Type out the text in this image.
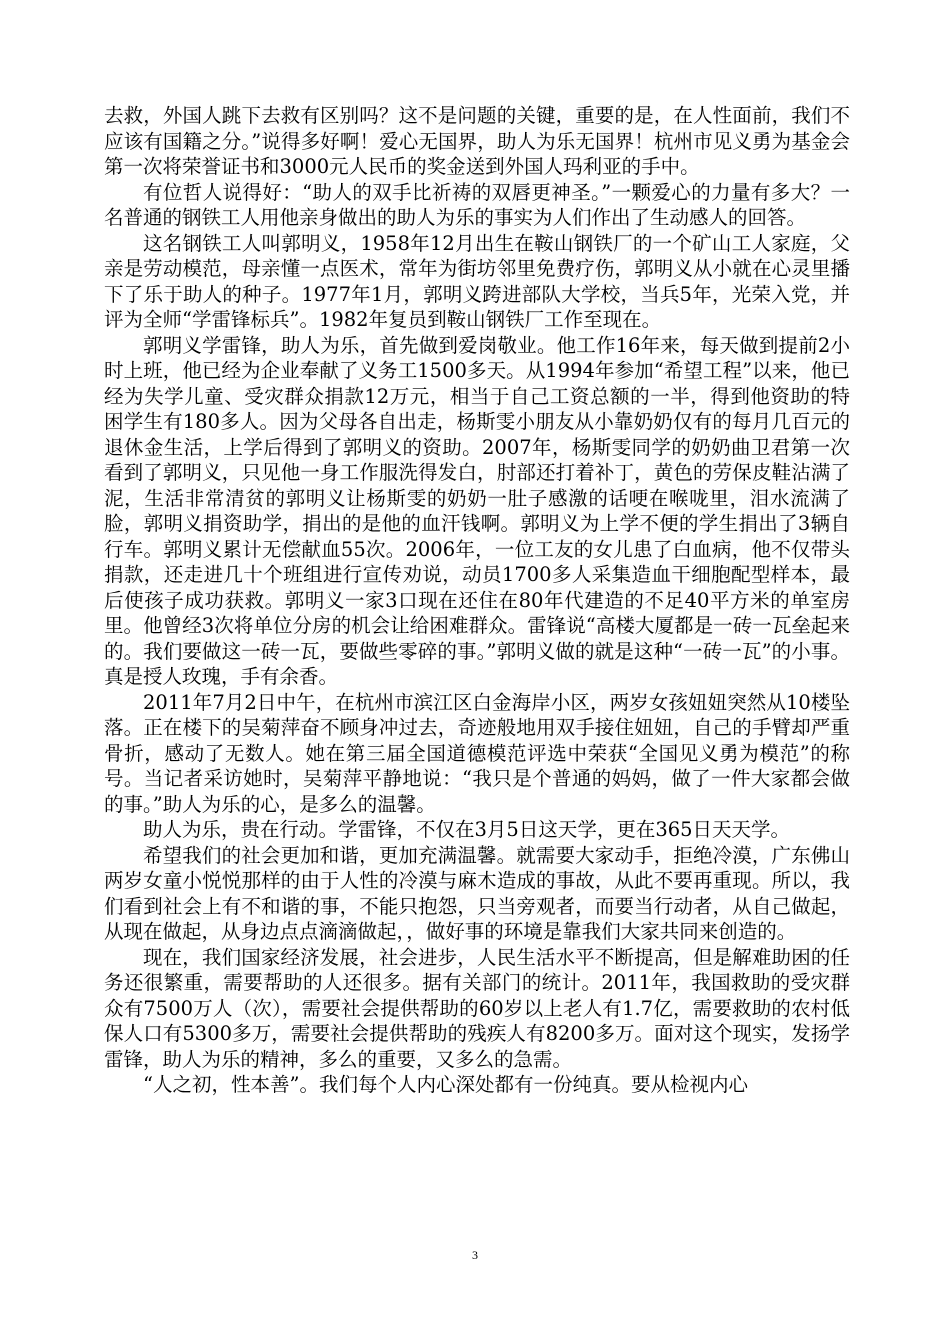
去救，外国人跳下去救有区别吗？这不是问题的关键，重要的是，在人性面前，我们不应该有国籍之分。”说得多好啊！爱心无国界，助人为乐无国界！杭州市见义勇为基金会第一次将荣誉证书和3000元人民币的奖金送到外国人玛利亚的手中。

有位哲人说得好：“助人的双手比祈祷的双唇更神圣。”一颗爱心的力量有多大？一名普通的钢铁工人用他亲身做出的助人为乐的事实为人们作出了生动感人的回答。

这名钢铁工人叫郭明义，1958年12月出生在鞍山钢铁厂的一个矿山工人家庭，父亲是劳动模范，母亲懂一点医术，常年为街坊邻里免费疗伤，郭明义从小就在心灵里播下了乐于助人的种子。1977年1月，郭明义跨进部队大学校，当兵5年，光荣入党，并评为全师“学雷锋标兵”。1982年复员到鞍山钢铁厂工作至现在。

郭明义学雷锋，助人为乐，首先做到爱岗敬业。他工作16年来，每天做到提前2小时上班，他已经为企业奉献了义务工1500多天。从1994年参加“希望工程”以来，他已经为失学儿童、受灾群众捐款12万元，相当于自己工资总额的一半，得到他资助的特困学生有180多人。因为父母各自出走，杨斯雯小朋友从小靠奶奶仅有的每月几百元的退休金生活，上学后得到了郭明义的资助。2007年，杨斯雯同学的奶奶曲卫君第一次看到了郭明义，只见他一身工作服洗得发白，肘部还打着补丁，黄色的劳保皮鞋沾满了泥，生活非常清贫的郭明义让杨斯雯的奶奶一肚子感激的话哽在喉咙里，泪水流满了脸，郭明义捐资助学，捐出的是他的血汗钱啊。郭明义为上学不便的学生捐出了3辆自行车。郭明义累计无偿献血55次。2006年，一位工友的女儿患了白血病，他不仅带头捐款，还走进几十个班组进行宣传劝说，动员1700多人采集造血干细胞配型样本，最后使孩子成功获救。郭明义一家3口现在还住在80年代建造的不足40平方米的单室房里。他曾经3次将单位分房的机会让给困难群众。雷锋说“高楼大厦都是一砖一瓦垒起来的。我们要做这一砖一瓦，要做些零碎的事。”郭明义做的就是这种“一砖一瓦”的小事。真是授人玫瑰，手有余香。

2011年7月2日中午，在杭州市滨江区白金海岸小区，两岁女孩妞妞突然从10楼坠落。正在楼下的吴菊萍奋不顾身冲过去，奇迹般地用双手接住妞妞，自己的手臂却严重骨折，感动了无数人。她在第三届全国道德模范评选中荣获“全国见义勇为模范”的称号。当记者采访她时，吴菊萍平静地说：“我只是个普通的妈妈，做了一件大家都会做的事。”助人为乐的心，是多么的温馨。

助人为乐，贵在行动。学雷锋，不仅在3月5日这天学，更在365日天天学。

希望我们的社会更加和谐，更加充满温馨。就需要大家动手，拒绝冷漠，广东佛山两岁女童小悦悦那样的由于人性的冷漠与麻木造成的事故，从此不要再重现。所以，我们看到社会上有不和谐的事，不能只抱怨，只当旁观者，而要当行动者，从自己做起，从现在做起，从身边点点滴滴做起，，做好事的环境是靠我们大家共同来创造的。

现在，我们国家经济发展，社会进步，人民生活水平不断提高，但是解难助困的任务还很繁重，需要帮助的人还很多。据有关部门的统计。2011年，我国救助的受灾群众有7500万人（次），需要社会提供帮助的60岁以上老人有1.7亿，需要救助的农村低保人口有5300多万，需要社会提供帮助的残疾人有8200多万。面对这个现实，发扬学雷锋，助人为乐的精神，多么的重要，又多么的急需。

“人之初，性本善”。我们每个人内心深处都有一份纯真。要从检视内心

3
